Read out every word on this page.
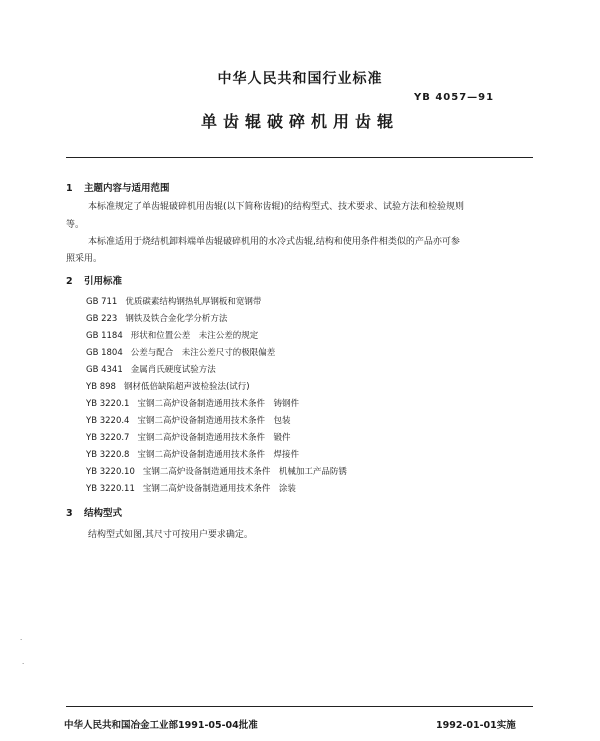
中华人民共和国行业标准
YB 4057—91
单齿辊破碎机用齿辊
1 主题内容与适用范围
本标准规定了单齿辊破碎机用齿辊(以下简称齿辊)的结构型式、技术要求、试验方法和检验规则
等。
本标准适用于烧结机卸料端单齿辊破碎机用的水冷式齿辊,结构和使用条件相类似的产品亦可参
照采用。
2 引用标准
GB 711 优质碳素结构钢热轧厚钢板和宽钢带
GB 223 钢铁及铁合金化学分析方法
GB 1184 形状和位置公差　未注公差的规定
GB 1804 公差与配合　未注公差尺寸的极限偏差
GB 4341 金属肖氏硬度试验方法
YB 898 钢材低倍缺陷超声波检验法(试行)
YB 3220.1 宝钢二高炉设备制造通用技术条件　铸钢件
YB 3220.4 宝钢二高炉设备制造通用技术条件　包装
YB 3220.7 宝钢二高炉设备制造通用技术条件　锻件
YB 3220.8 宝钢二高炉设备制造通用技术条件　焊接件
YB 3220.10 宝钢二高炉设备制造通用技术条件　机械加工产品防锈
YB 3220.11 宝钢二高炉设备制造通用技术条件　涂装
3 结构型式
结构型式如图,其尺寸可按用户要求确定。
·
·
中华人民共和国冶金工业部1991-05-04批准	1992-01-01实施
